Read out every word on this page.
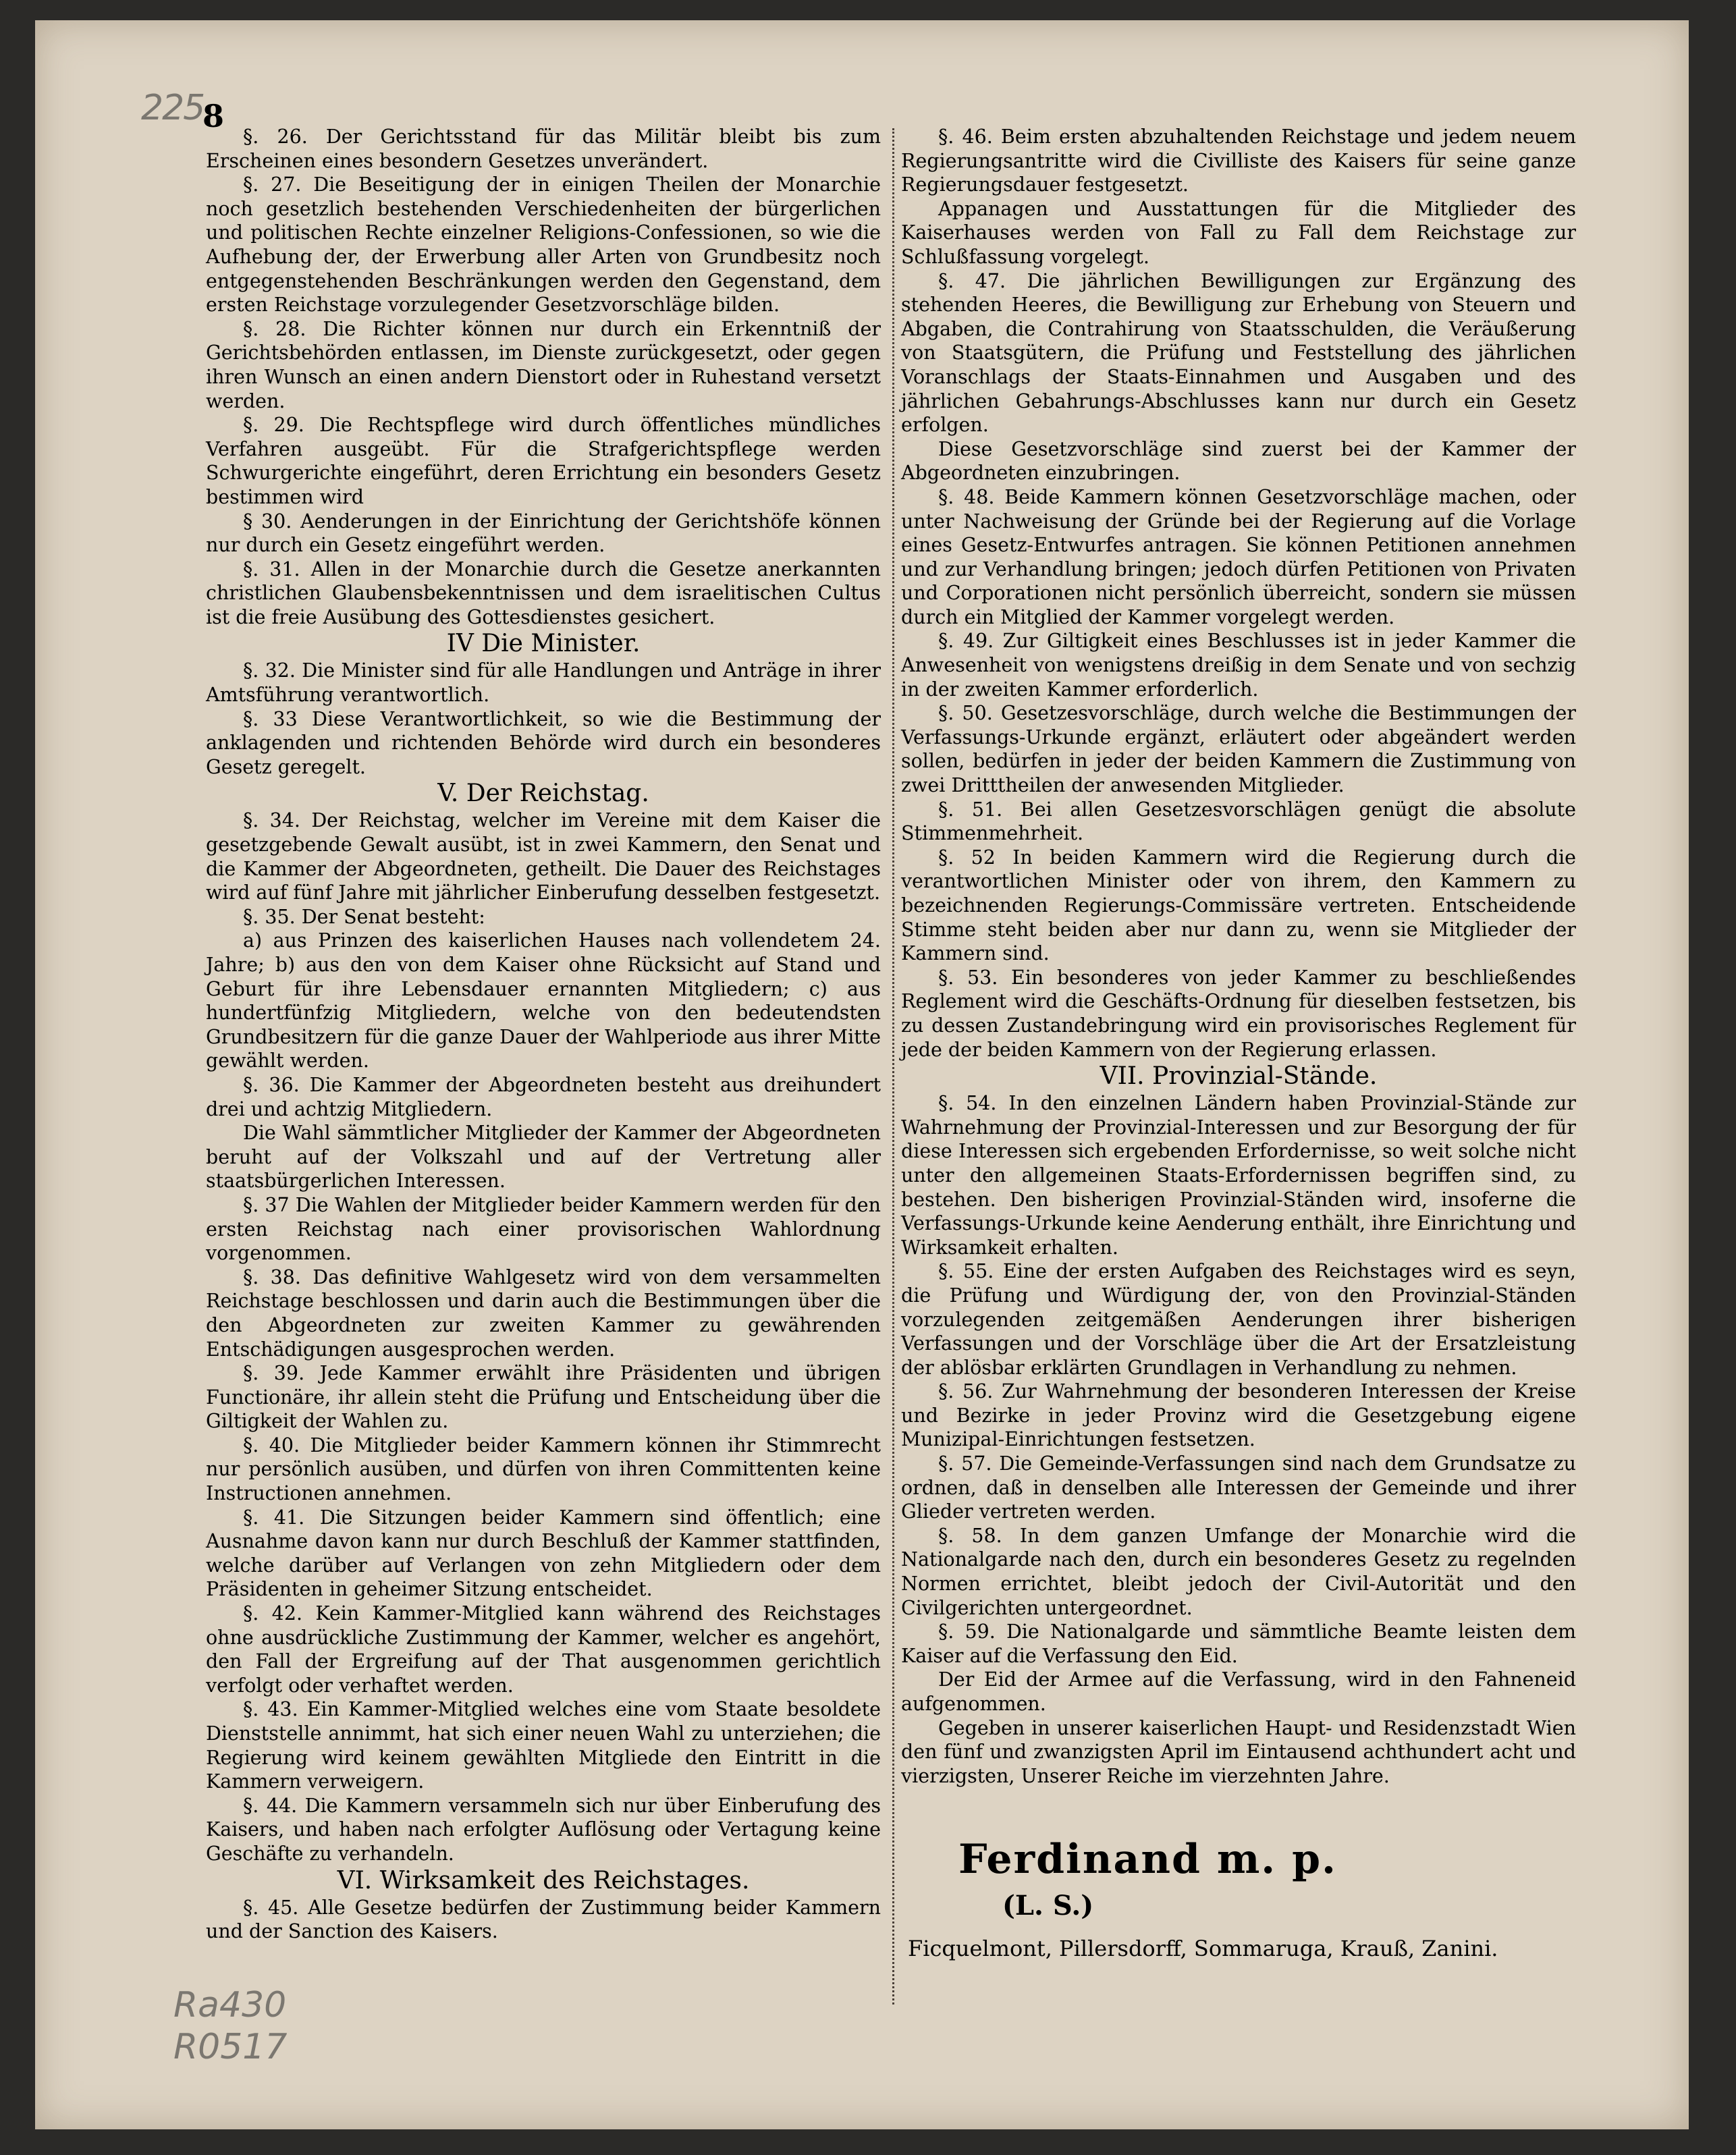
225
Ra430
R0517
8

§. 26. Der Gerichtsstand für das Militär bleibt bis zum Erscheinen eines besondern Gesetzes unverändert.

§. 27. Die Beseitigung der in einigen Theilen der Monarchie noch gesetzlich bestehenden Verschiedenheiten der bürgerlichen und politischen Rechte einzelner Religions-Confessionen, so wie die Aufhebung der, der Erwerbung aller Arten von Grundbesitz noch entgegenstehenden Beschränkungen werden den Gegenstand, dem ersten Reichstage vorzulegender Gesetzvorschläge bilden.

§. 28. Die Richter können nur durch ein Erkenntniß der Gerichtsbehörden entlassen, im Dienste zurückgesetzt, oder gegen ihren Wunsch an einen andern Dienstort oder in Ruhestand versetzt werden.

§. 29. Die Rechtspflege wird durch öffentliches mündliches Verfahren ausgeübt. Für die Strafgerichtspflege werden Schwurgerichte eingeführt, deren Errichtung ein besonders Gesetz bestimmen wird

§ 30. Aenderungen in der Einrichtung der Gerichtshöfe können nur durch ein Gesetz eingeführt werden.

§. 31. Allen in der Monarchie durch die Gesetze anerkannten christlichen Glaubensbekenntnissen und dem israelitischen Cultus ist die freie Ausübung des Gottesdienstes gesichert.

IV Die Minister.

§. 32. Die Minister sind für alle Handlungen und Anträge in ihrer Amtsführung verantwortlich.

§. 33 Diese Verantwortlichkeit, so wie die Bestimmung der anklagenden und richtenden Behörde wird durch ein besonderes Gesetz geregelt.

V. Der Reichstag.

§. 34. Der Reichstag, welcher im Vereine mit dem Kaiser die gesetzgebende Gewalt ausübt, ist in zwei Kammern, den Senat und die Kammer der Abgeordneten, getheilt. Die Dauer des Reichstages wird auf fünf Jahre mit jährlicher Einberufung desselben festgesetzt.

§. 35. Der Senat besteht:

a) aus Prinzen des kaiserlichen Hauses nach vollendetem 24. Jahre; b) aus den von dem Kaiser ohne Rücksicht auf Stand und Geburt für ihre Lebensdauer ernannten Mitgliedern; c) aus hundertfünfzig Mitgliedern, welche von den bedeutendsten Grundbesitzern für die ganze Dauer der Wahlperiode aus ihrer Mitte gewählt werden.

§. 36. Die Kammer der Abgeordneten besteht aus dreihundert drei und achtzig Mitgliedern.

Die Wahl sämmtlicher Mitglieder der Kammer der Abgeordneten beruht auf der Volkszahl und auf der Vertretung aller staatsbürgerlichen Interessen.

§. 37 Die Wahlen der Mitglieder beider Kammern werden für den ersten Reichstag nach einer provisorischen Wahlordnung vorgenommen.

§. 38. Das definitive Wahlgesetz wird von dem versammelten Reichstage beschlossen und darin auch die Bestimmungen über die den Abgeordneten zur zweiten Kammer zu gewährenden Entschädigungen ausgesprochen werden.

§. 39. Jede Kammer erwählt ihre Präsidenten und übrigen Functionäre, ihr allein steht die Prüfung und Entscheidung über die Giltigkeit der Wahlen zu.

§. 40. Die Mitglieder beider Kammern können ihr Stimmrecht nur persönlich ausüben, und dürfen von ihren Committenten keine Instructionen annehmen.

§. 41. Die Sitzungen beider Kammern sind öffentlich; eine Ausnahme davon kann nur durch Beschluß der Kammer stattfinden, welche darüber auf Verlangen von zehn Mitgliedern oder dem Präsidenten in geheimer Sitzung entscheidet.

§. 42. Kein Kammer-Mitglied kann während des Reichstages ohne ausdrückliche Zustimmung der Kammer, welcher es angehört, den Fall der Ergreifung auf der That ausgenommen gerichtlich verfolgt oder verhaftet werden.

§. 43. Ein Kammer-Mitglied welches eine vom Staate besoldete Dienststelle annimmt, hat sich einer neuen Wahl zu unterziehen; die Regierung wird keinem gewählten Mitgliede den Eintritt in die Kammern verweigern.

§. 44. Die Kammern versammeln sich nur über Einberufung des Kaisers, und haben nach erfolgter Auflösung oder Vertagung keine Geschäfte zu verhandeln.

VI. Wirksamkeit des Reichstages.

§. 45. Alle Gesetze bedürfen der Zustimmung beider Kammern und der Sanction des Kaisers.

§. 46. Beim ersten abzuhaltenden Reichstage und jedem neuem Regierungsantritte wird die Civilliste des Kaisers für seine ganze Regierungsdauer festgesetzt.

Appanagen und Ausstattungen für die Mitglieder des Kaiserhauses werden von Fall zu Fall dem Reichstage zur Schlußfassung vorgelegt.

§. 47. Die jährlichen Bewilligungen zur Ergänzung des stehenden Heeres, die Bewilligung zur Erhebung von Steuern und Abgaben, die Contrahirung von Staatsschulden, die Veräußerung von Staatsgütern, die Prüfung und Feststellung des jährlichen Voranschlags der Staats-Einnahmen und Ausgaben und des jährlichen Gebahrungs-Abschlusses kann nur durch ein Gesetz erfolgen.

Diese Gesetzvorschläge sind zuerst bei der Kammer der Abgeordneten einzubringen.

§. 48. Beide Kammern können Gesetzvorschläge machen, oder unter Nachweisung der Gründe bei der Regierung auf die Vorlage eines Gesetz-Entwurfes antragen. Sie können Petitionen annehmen und zur Verhandlung bringen; jedoch dürfen Petitionen von Privaten und Corporationen nicht persönlich überreicht, sondern sie müssen durch ein Mitglied der Kammer vorgelegt werden.

§. 49. Zur Giltigkeit eines Beschlusses ist in jeder Kammer die Anwesenheit von wenigstens dreißig in dem Senate und von sechzig in der zweiten Kammer erforderlich.

§. 50. Gesetzesvorschläge, durch welche die Bestimmungen der Verfassungs-Urkunde ergänzt, erläutert oder abgeändert werden sollen, bedürfen in jeder der beiden Kammern die Zustimmung von zwei Dritttheilen der anwesenden Mitglieder.

§. 51. Bei allen Gesetzesvorschlägen genügt die absolute Stimmenmehrheit.

§. 52 In beiden Kammern wird die Regierung durch die verantwortlichen Minister oder von ihrem, den Kammern zu bezeichnenden Regierungs-Commissäre vertreten. Entscheidende Stimme steht beiden aber nur dann zu, wenn sie Mitglieder der Kammern sind.

§. 53. Ein besonderes von jeder Kammer zu beschließendes Reglement wird die Geschäfts-Ordnung für dieselben festsetzen, bis zu dessen Zustandebringung wird ein provisorisches Reglement für jede der beiden Kammern von der Regierung erlassen.

VII. Provinzial-Stände.

§. 54. In den einzelnen Ländern haben Provinzial-Stände zur Wahrnehmung der Provinzial-Interessen und zur Besorgung der für diese Interessen sich ergebenden Erfordernisse, so weit solche nicht unter den allgemeinen Staats-Erfordernissen begriffen sind, zu bestehen. Den bisherigen Provinzial-Ständen wird, insoferne die Verfassungs-Urkunde keine Aenderung enthält, ihre Einrichtung und Wirksamkeit erhalten.

§. 55. Eine der ersten Aufgaben des Reichstages wird es seyn, die Prüfung und Würdigung der, von den Provinzial-Ständen vorzulegenden zeitgemäßen Aenderungen ihrer bisherigen Verfassungen und der Vorschläge über die Art der Ersatzleistung der ablösbar erklärten Grundlagen in Verhandlung zu nehmen.

§. 56. Zur Wahrnehmung der besonderen Interessen der Kreise und Bezirke in jeder Provinz wird die Gesetzgebung eigene Munizipal-Einrichtungen festsetzen.

§. 57. Die Gemeinde-Verfassungen sind nach dem Grundsatze zu ordnen, daß in denselben alle Interessen der Gemeinde und ihrer Glieder vertreten werden.

§. 58. In dem ganzen Umfange der Monarchie wird die Nationalgarde nach den, durch ein besonderes Gesetz zu regelnden Normen errichtet, bleibt jedoch der Civil-Autorität und den Civilgerichten untergeordnet.

§. 59. Die Nationalgarde und sämmtliche Beamte leisten dem Kaiser auf die Verfassung den Eid.

Der Eid der Armee auf die Verfassung, wird in den Fahneneid aufgenommen.

Gegeben in unserer kaiserlichen Haupt- und Residenzstadt Wien den fünf und zwanzigsten April im Eintausend achthundert acht und vierzigsten, Unserer Reiche im vierzehnten Jahre.

Ferdinand m. p.
(L. S.)
Ficquelmont, Pillersdorff, Sommaruga, Krauß, Zanini.
